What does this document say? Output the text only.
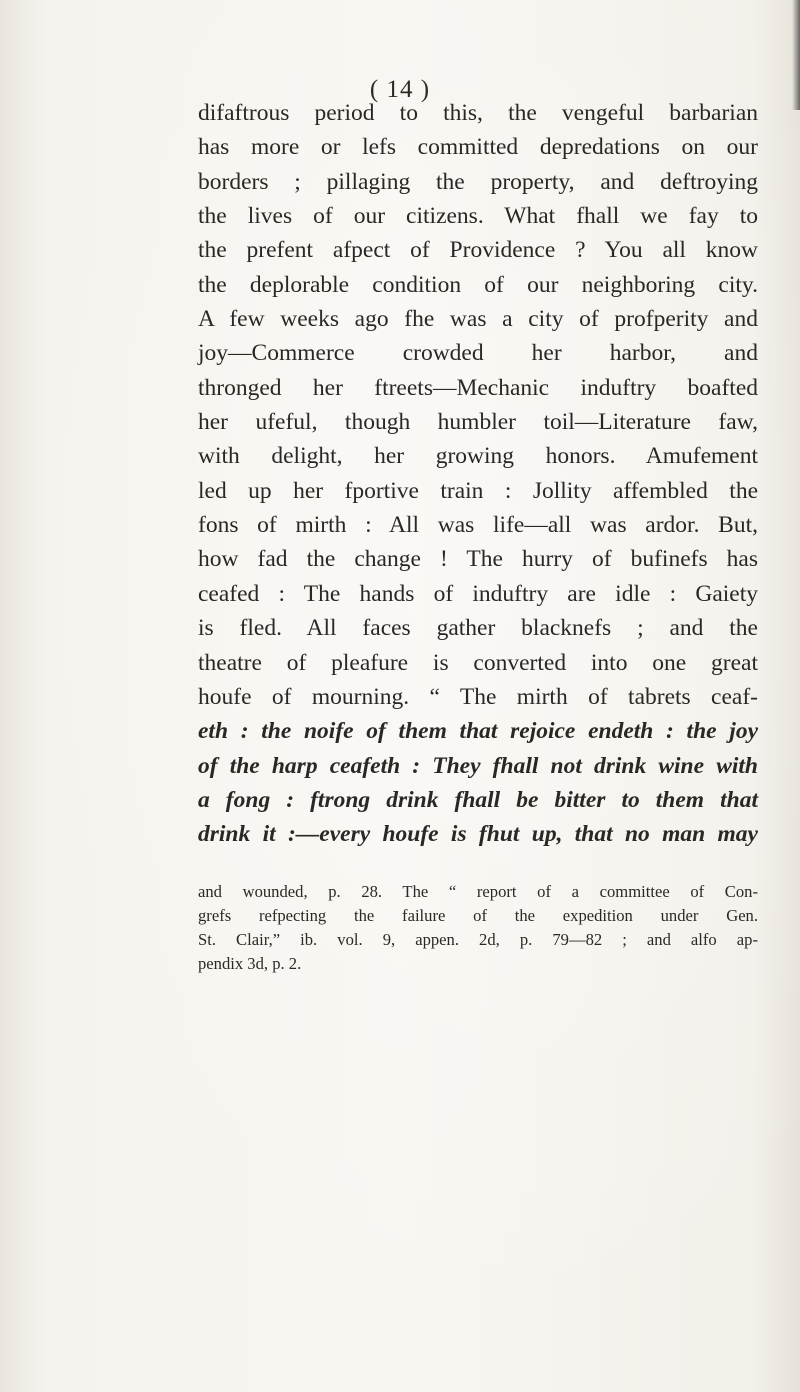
( 14 )
difaftrous period to this, the vengeful barbarian
has more or lefs committed depredations on our
borders ; pillaging the property, and deftroying
the lives of our citizens. What fhall we fay to
the prefent afpect of Providence ? You all know
the deplorable condition of our neighboring city.
A few weeks ago fhe was a city of profperity and
joy—Commerce crowded her harbor, and
thronged her ftreets—Mechanic induftry boafted
her ufeful, though humbler toil—Literature faw,
with delight, her growing honors. Amufement
led up her fportive train : Jollity affembled the
fons of mirth : All was life—all was ardor. But,
how fad the change ! The hurry of bufinefs has
ceafed : The hands of induftry are idle : Gaiety
is fled. All faces gather blacknefs ; and the
theatre of pleafure is converted into one great
houfe of mourning. “ The mirth of tabrets ceaf-
eth : the noife of them that rejoice endeth : the joy
of the harp ceafeth : They fhall not drink wine with
a fong : ftrong drink fhall be bitter to them that
drink it :—every houfe is fhut up, that no man may
and wounded, p. 28. The “ report of a committee of Con-
grefs refpecting the failure of the expedition under Gen.
St. Clair,” ib. vol. 9, appen. 2d, p. 79—82 ; and alfo ap-
pendix 3d, p. 2.
